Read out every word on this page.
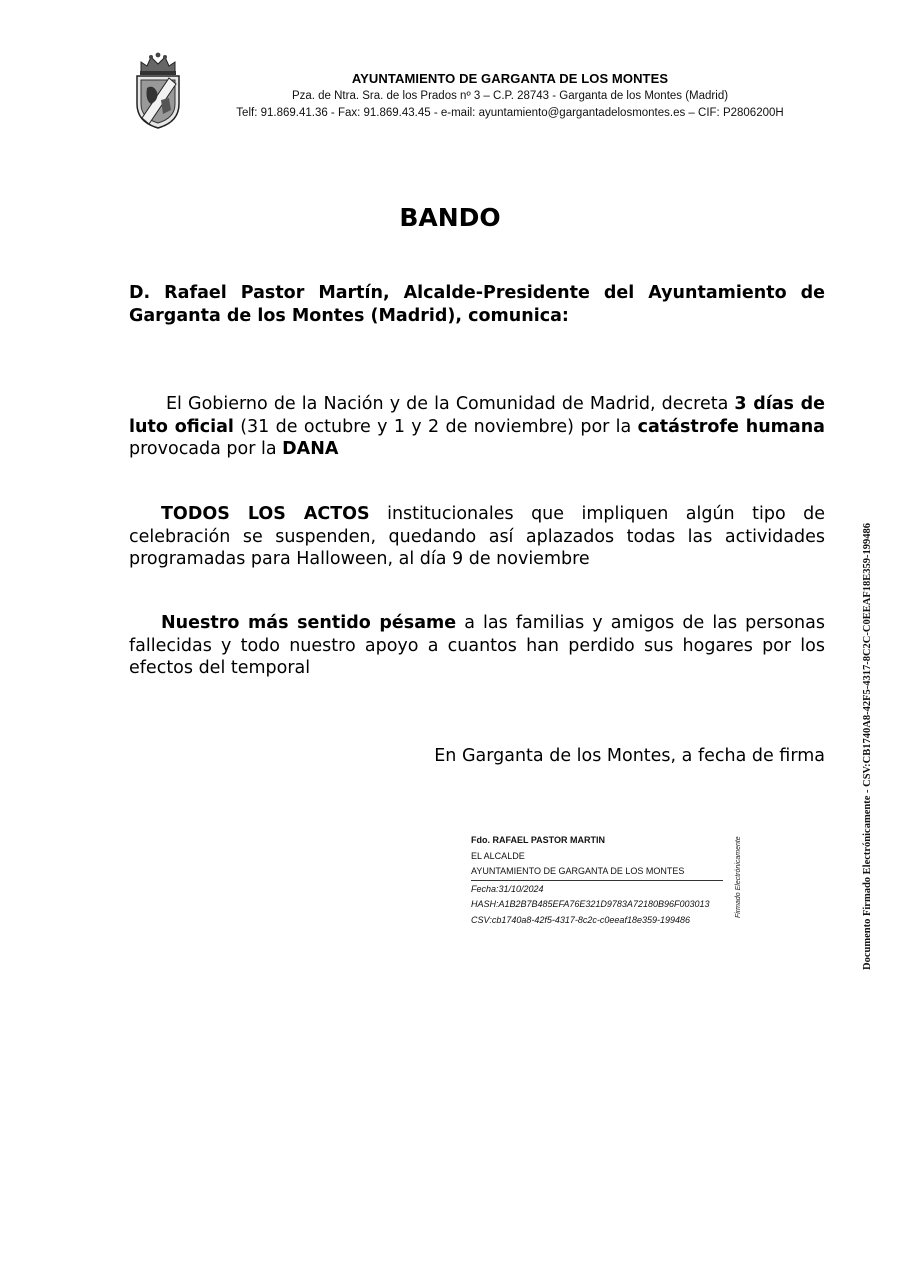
AYUNTAMIENTO DE GARGANTA DE LOS MONTES
Pza. de Ntra. Sra. de los Prados nº 3 – C.P. 28743 - Garganta de los Montes (Madrid)
Telf: 91.869.41.36 - Fax: 91.869.43.45 - e-mail: ayuntamiento@gargantadelosmontes.es – CIF: P2806200H
BANDO
D. Rafael Pastor Martín, Alcalde-Presidente del Ayuntamiento de Garganta de los Montes (Madrid), comunica:
El Gobierno de la Nación y de la Comunidad de Madrid, decreta 3 días de luto oficial (31 de octubre y 1 y 2 de noviembre) por la catástrofe humana provocada por la DANA
TODOS LOS ACTOS institucionales que impliquen algún tipo de celebración se suspenden, quedando así aplazados todas las actividades programadas para Halloween, al día 9 de noviembre
Nuestro más sentido pésame a las familias y amigos de las personas fallecidas y todo nuestro apoyo a cuantos han perdido sus hogares por los efectos del temporal
En Garganta de los Montes, a fecha de firma
Fdo. RAFAEL PASTOR MARTIN
EL ALCALDE
AYUNTAMIENTO DE GARGANTA DE LOS MONTES
Fecha:31/10/2024
HASH:A1B2B7B485EFA76E321D9783A72180B96F003013
CSV:cb1740a8-42f5-4317-8c2c-c0eeaf18e359-199486
Firmado Electrónicamente	Documento Firmado Electrónicamente - CSV:CB1740A8-42F5-4317-8C2C-C0EEAF18E359-199486
